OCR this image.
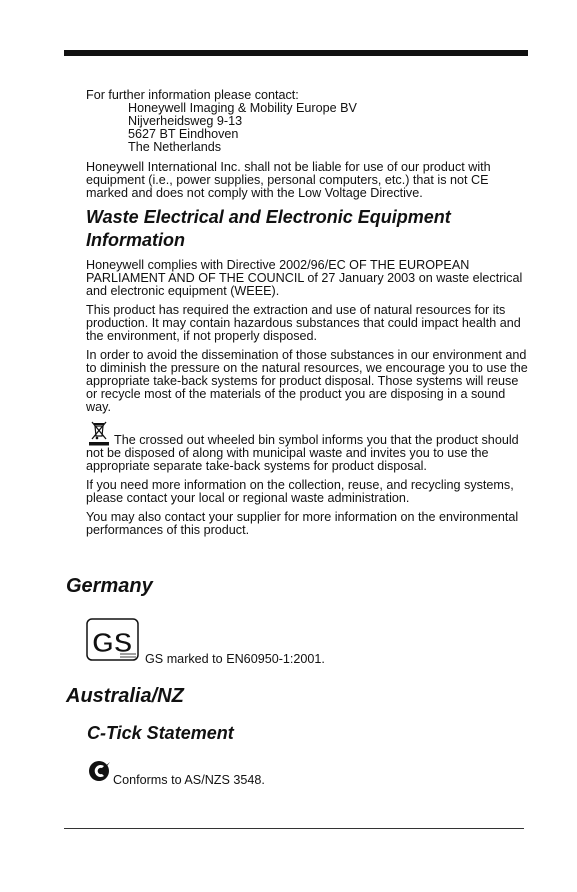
For further information please contact:

Honeywell Imaging & Mobility Europe BV
Nijverheidsweg 9-13
5627 BT Eindhoven
The Netherlands

Honeywell International Inc. shall not be liable for use of our product with equipment (i.e., power supplies, personal computers, etc.) that is not CE marked and does not comply with the Low Voltage Directive.

Waste Electrical and Electronic Equipment Information

Honeywell complies with Directive 2002/96/EC OF THE EUROPEAN PARLIAMENT AND OF THE COUNCIL of 27 January 2003 on waste electrical and electronic equipment (WEEE).

This product has required the extraction and use of natural resources for its production. It may contain hazardous substances that could impact health and the environment, if not properly disposed.

In order to avoid the dissemination of those substances in our environment and to diminish the pressure on the natural resources, we encourage you to use the appropriate take-back systems for product disposal. Those systems will reuse or recycle most of the materials of the product you are disposing in a sound way.

The crossed out wheeled bin symbol informs you that the product should not be disposed of along with municipal waste and invites you to use the appropriate separate take-back systems for product disposal.

If you need more information on the collection, reuse, and recycling systems, please contact your local or regional waste administration.

You may also contact your supplier for more information on the environmental performances of this product.

Germany
GS
GS marked to EN60950-1:2001.
Australia/NZ
C-Tick Statement
Conforms to AS/NZS 3548.
